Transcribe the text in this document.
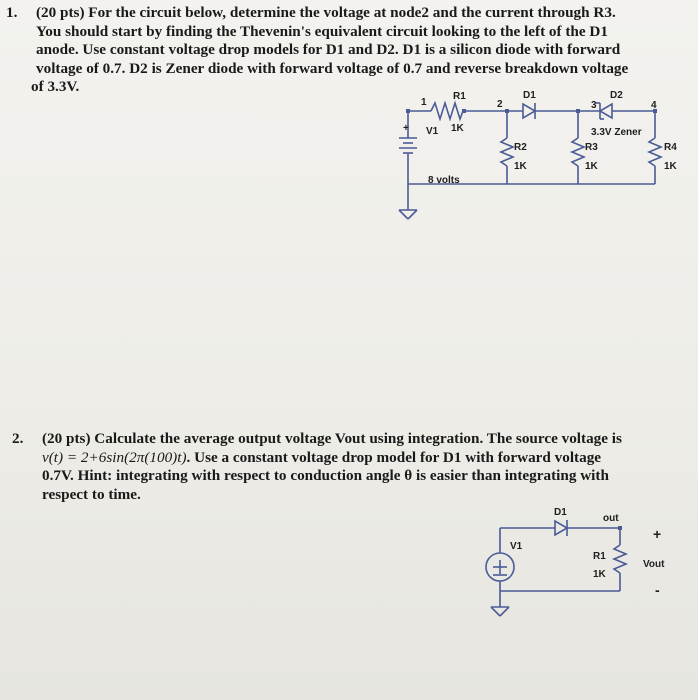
1. (20 pts) For the circuit below, determine the voltage at node2 and the current through R3.
You should start by finding the Thevenin's equivalent circuit looking to the left of the D1
anode. Use constant voltage drop models for D1 and D2. D1 is a silicon diode with forward
voltage of 0.7. D2 is Zener diode with forward voltage of 0.7 and reverse breakdown voltage
of 3.3V.
1
R1
1K
2
D1
3
D2
4
+ V1
8 volts
R2
1K
R3
1K
3.3V Zener
R4
1K
2. (20 pts) Calculate the average output voltage Vout using integration. The source voltage is
v(t) = 2+6sin(2π(100)t). Use a constant voltage drop model for D1 with forward voltage
0.7V. Hint: integrating with respect to conduction angle θ is easier than integrating with
respect to time.
D1
out
V1
R1
1K
+
Vout
-
